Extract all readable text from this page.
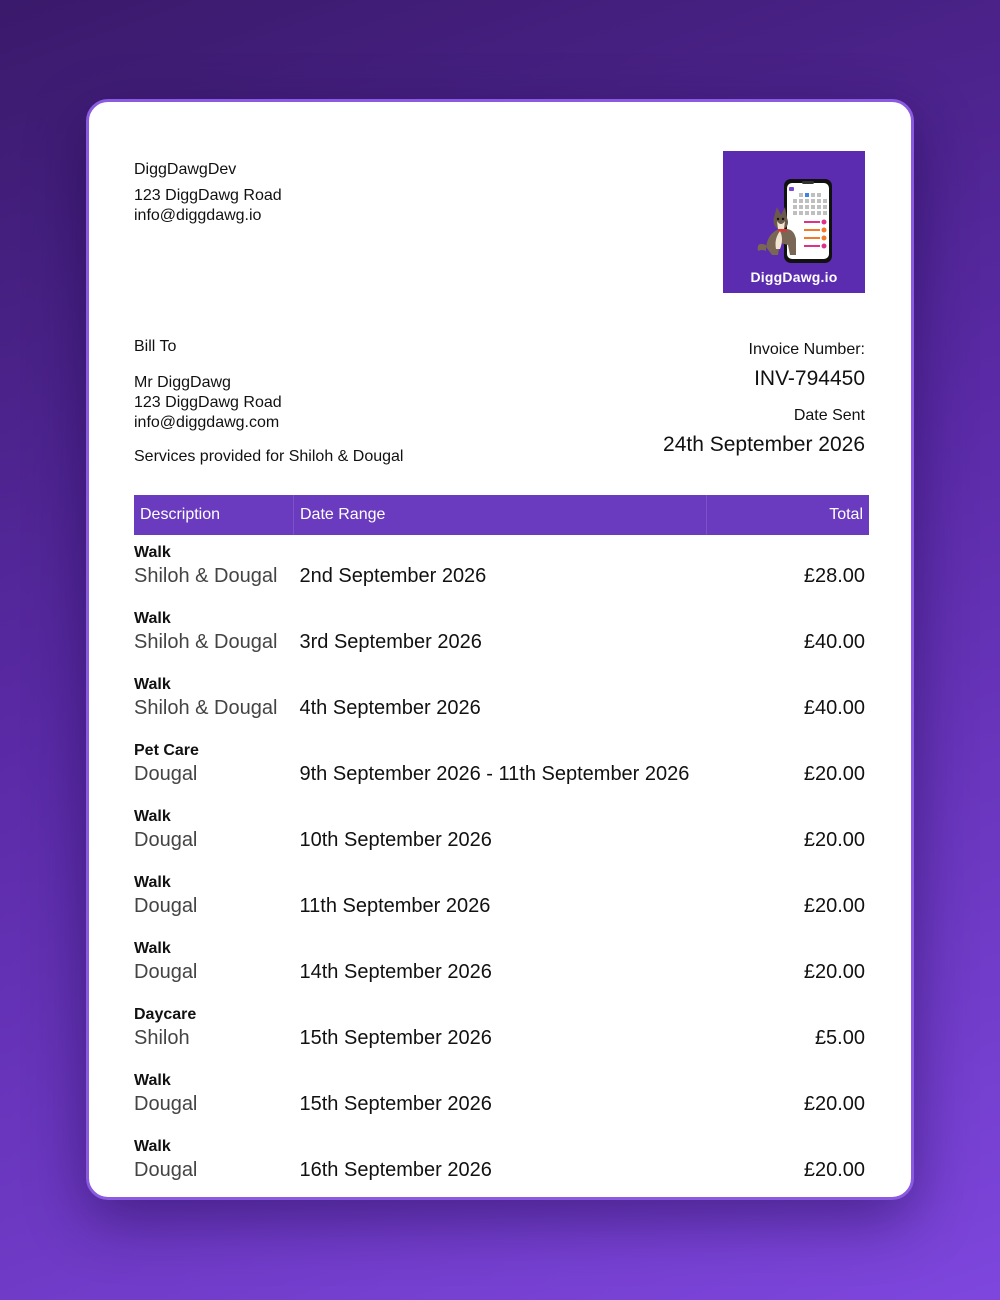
DiggDawgDev
123 DiggDawg Road
info@diggdawg.io
DiggDawg.io
Bill To
Mr DiggDawg
123 DiggDawg Road
info@diggdawg.com
Services provided for Shiloh & Dougal
Invoice Number:
INV-794450
Date Sent
24th September 2026
Description	Date Range	Total

Walk
Shiloh & Dougal	2nd September 2026	£28.00

Walk
Shiloh & Dougal	3rd September 2026	£40.00

Walk
Shiloh & Dougal	4th September 2026	£40.00

Pet Care
Dougal	9th September 2026 - 11th September 2026	£20.00

Walk
Dougal	10th September 2026	£20.00

Walk
Dougal	11th September 2026	£20.00

Walk
Dougal	14th September 2026	£20.00

Daycare
Shiloh	15th September 2026	£5.00

Walk
Dougal	15th September 2026	£20.00

Walk
Dougal	16th September 2026	£20.00
